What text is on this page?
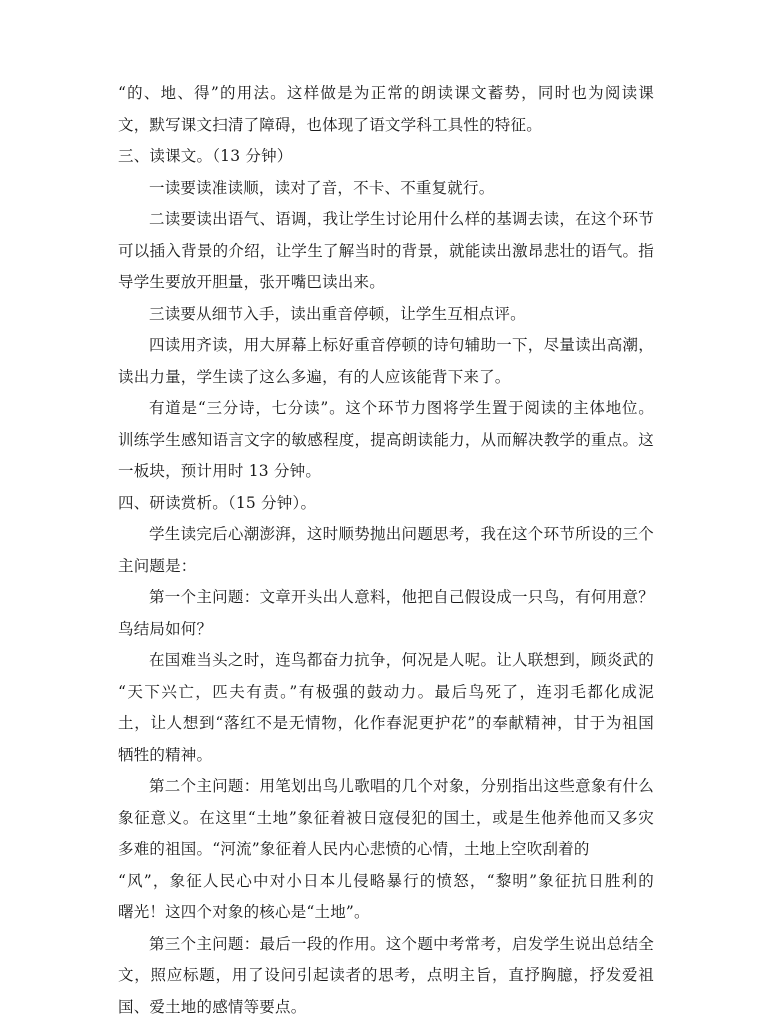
“的、地、得”的用法。这样做是为正常的朗读课文蓄势，同时也为阅读课
文，默写课文扫清了障碍，也体现了语文学科工具性的特征。
三、读课文。（13 分钟）
一读要读准读顺，读对了音，不卡、不重复就行。
二读要读出语气、语调，我让学生讨论用什么样的基调去读，在这个环节
可以插入背景的介绍，让学生了解当时的背景，就能读出激昂悲壮的语气。指
导学生要放开胆量，张开嘴巴读出来。
三读要从细节入手，读出重音停顿，让学生互相点评。
四读用齐读，用大屏幕上标好重音停顿的诗句辅助一下，尽量读出高潮，
读出力量，学生读了这么多遍，有的人应该能背下来了。
有道是“三分诗，七分读”。这个环节力图将学生置于阅读的主体地位。
训练学生感知语言文字的敏感程度，提高朗读能力，从而解决教学的重点。这
一板块，预计用时 13 分钟。
四、研读赏析。（15 分钟）。
学生读完后心潮澎湃，这时顺势抛出问题思考，我在这个环节所设的三个
主问题是：
第一个主问题：文章开头出人意料，他把自己假设成一只鸟，有何用意？
鸟结局如何？
在国难当头之时，连鸟都奋力抗争，何况是人呢。让人联想到，顾炎武的
“天下兴亡，匹夫有责。”有极强的鼓动力。最后鸟死了，连羽毛都化成泥
土，让人想到“落红不是无情物，化作春泥更护花”的奉献精神，甘于为祖国
牺牲的精神。
第二个主问题：用笔划出鸟儿歌唱的几个对象，分别指出这些意象有什么
象征意义。在这里“土地”象征着被日寇侵犯的国土，或是生他养他而又多灾
多难的祖国。“河流”象征着人民内心悲愤的心情，土地上空吹刮着的
“风”，象征人民心中对小日本儿侵略暴行的愤怒，“黎明”象征抗日胜利的
曙光！这四个对象的核心是“土地”。
第三个主问题：最后一段的作用。这个题中考常考，启发学生说出总结全
文，照应标题，用了设问引起读者的思考，点明主旨，直抒胸臆，抒发爱祖
国、爱土地的感情等要点。
